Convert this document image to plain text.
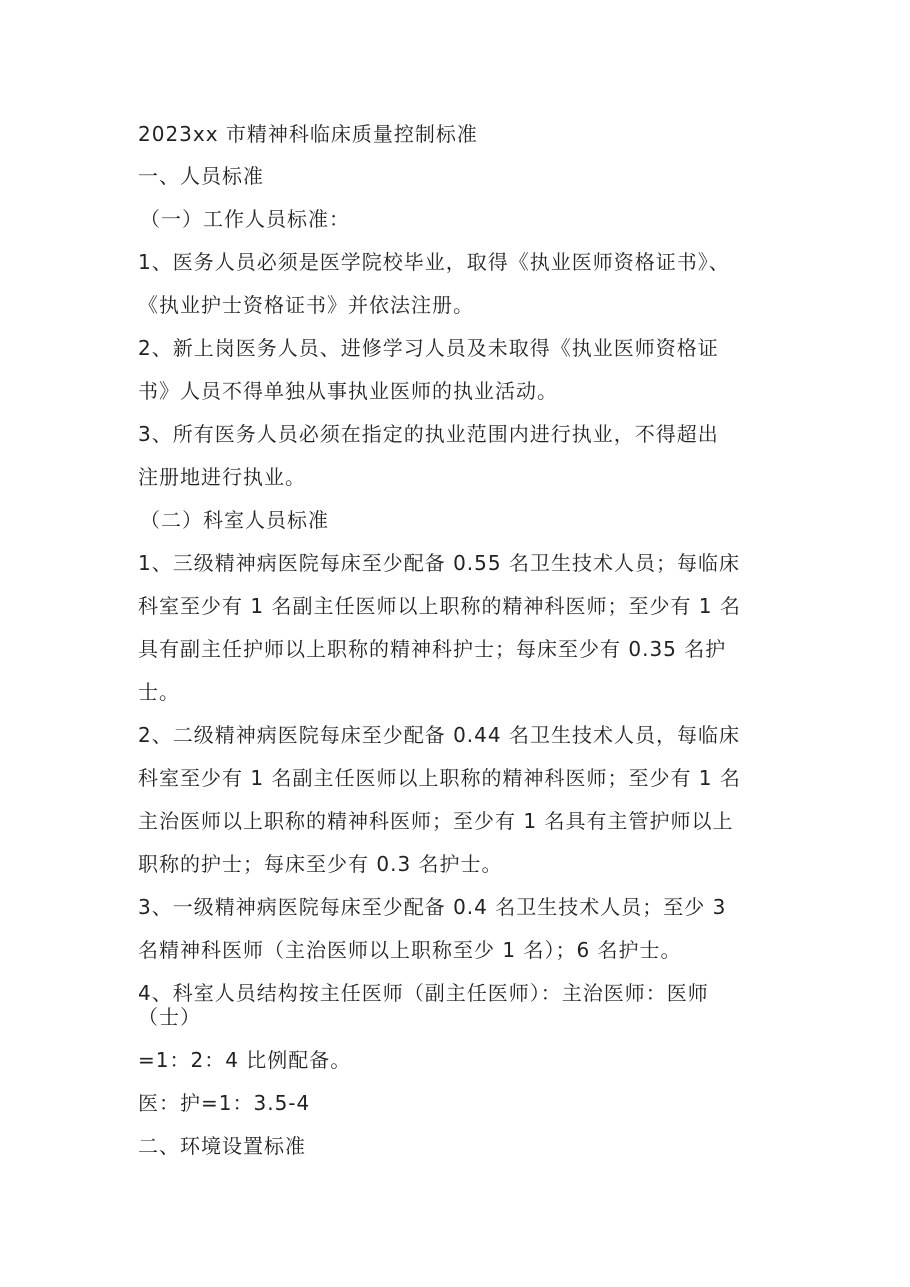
2023xx 市精神科临床质量控制标准
一、人员标准
（一）工作人员标准：
1、医务人员必须是医学院校毕业，取得《执业医师资格证书》、
《执业护士资格证书》并依法注册。
2、新上岗医务人员、进修学习人员及未取得《执业医师资格证
书》人员不得单独从事执业医师的执业活动。
3、所有医务人员必须在指定的执业范围内进行执业，不得超出
注册地进行执业。
（二）科室人员标准
1、三级精神病医院每床至少配备 0.55 名卫生技术人员；每临床
科室至少有 1 名副主任医师以上职称的精神科医师；至少有 1 名
具有副主任护师以上职称的精神科护士；每床至少有 0.35 名护
士。
2、二级精神病医院每床至少配备 0.44 名卫生技术人员，每临床
科室至少有 1 名副主任医师以上职称的精神科医师；至少有 1 名
主治医师以上职称的精神科医师；至少有 1 名具有主管护师以上
职称的护士；每床至少有 0.3 名护士。
3、一级精神病医院每床至少配备 0.4 名卫生技术人员；至少 3
名精神科医师（主治医师以上职称至少 1 名）；6 名护士。
4、科室人员结构按主任医师（副主任医师）：主治医师：医师
（士）
=1：2：4 比例配备。
医：护=1：3.5-4
二、环境设置标准
